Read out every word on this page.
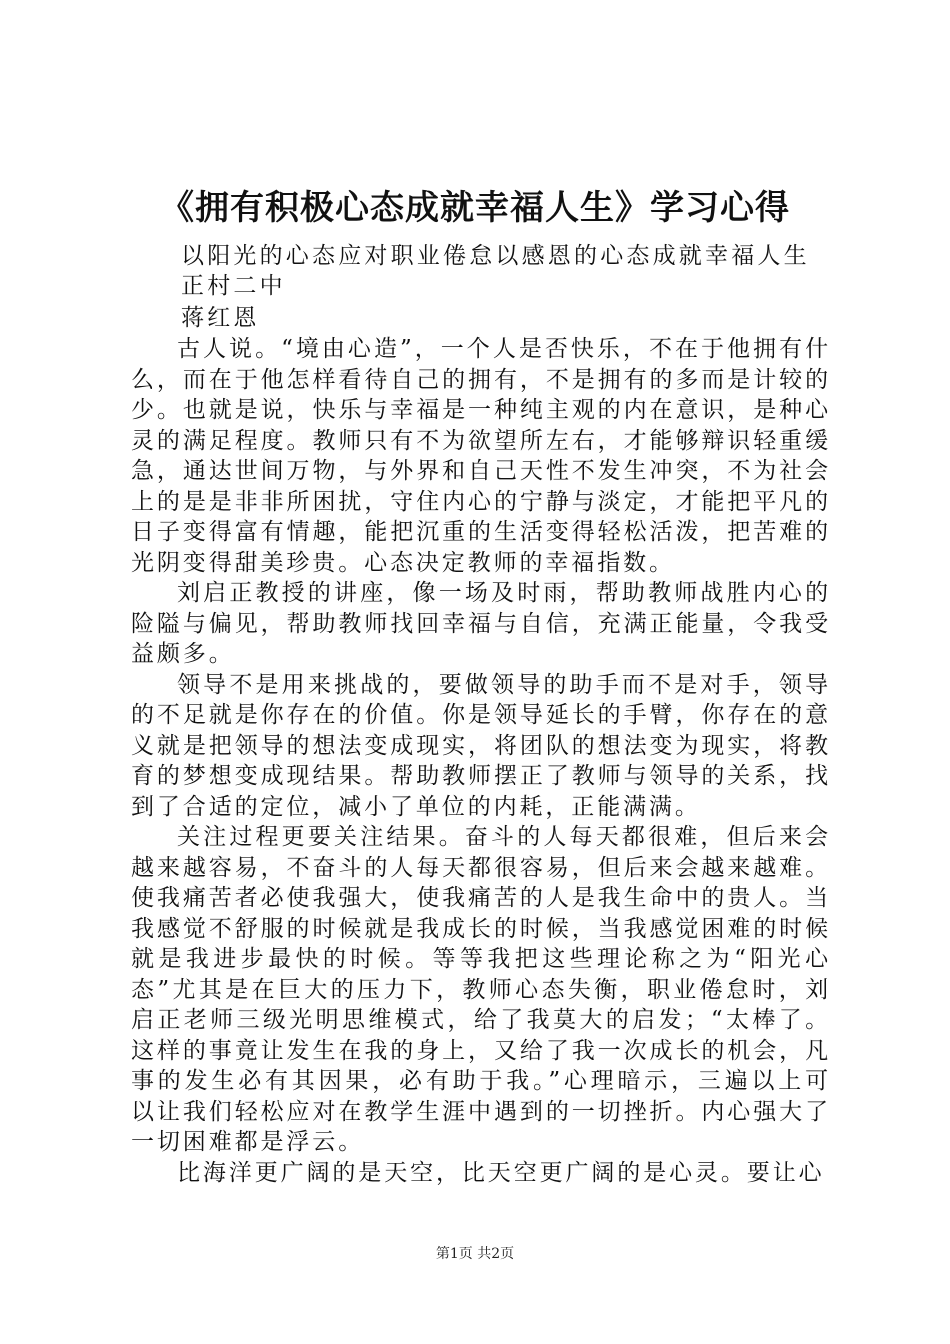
《拥有积极心态成就幸福人生》学习心得
以阳光的心态应对职业倦怠以感恩的心态成就幸福人生
正村二中
蒋红恩

古人说。“境由心造”，一个人是否快乐，不在于他拥有什么，而在于他怎样看待自己的拥有，不是拥有的多而是计较的少。也就是说，快乐与幸福是一种纯主观的内在意识，是种心灵的满足程度。教师只有不为欲望所左右，才能够辩识轻重缓急，通达世间万物，与外界和自己天性不发生冲突，不为社会上的是是非非所困扰，守住内心的宁静与淡定，才能把平凡的日子变得富有情趣，能把沉重的生活变得轻松活泼，把苦难的光阴变得甜美珍贵。心态决定教师的幸福指数。

刘启正教授的讲座，像一场及时雨，帮助教师战胜内心的险隘与偏见，帮助教师找回幸福与自信，充满正能量，令我受益颇多。

领导不是用来挑战的，要做领导的助手而不是对手，领导的不足就是你存在的价值。你是领导延长的手臂，你存在的意义就是把领导的想法变成现实，将团队的想法变为现实，将教育的梦想变成现结果。帮助教师摆正了教师与领导的关系，找到了合适的定位，减小了单位的内耗，正能满满。

关注过程更要关注结果。奋斗的人每天都很难，但后来会越来越容易，不奋斗的人每天都很容易，但后来会越来越难。使我痛苦者必使我强大，使我痛苦的人是我生命中的贵人。当我感觉不舒服的时候就是我成长的时候，当我感觉困难的时候就是我进步最快的时候。等等我把这些理论称之为“阳光心态”尤其是在巨大的压力下，教师心态失衡，职业倦怠时，刘启正老师三级光明思维模式，给了我莫大的启发；“太棒了。这样的事竟让发生在我的身上，又给了我一次成长的机会，凡事的发生必有其因果，必有助于我。”心理暗示，三遍以上可以让我们轻松应对在教学生涯中遇到的一切挫折。内心强大了一切困难都是浮云。

比海洋更广阔的是天空，比天空更广阔的是心灵。要让心

第1页 共2页
